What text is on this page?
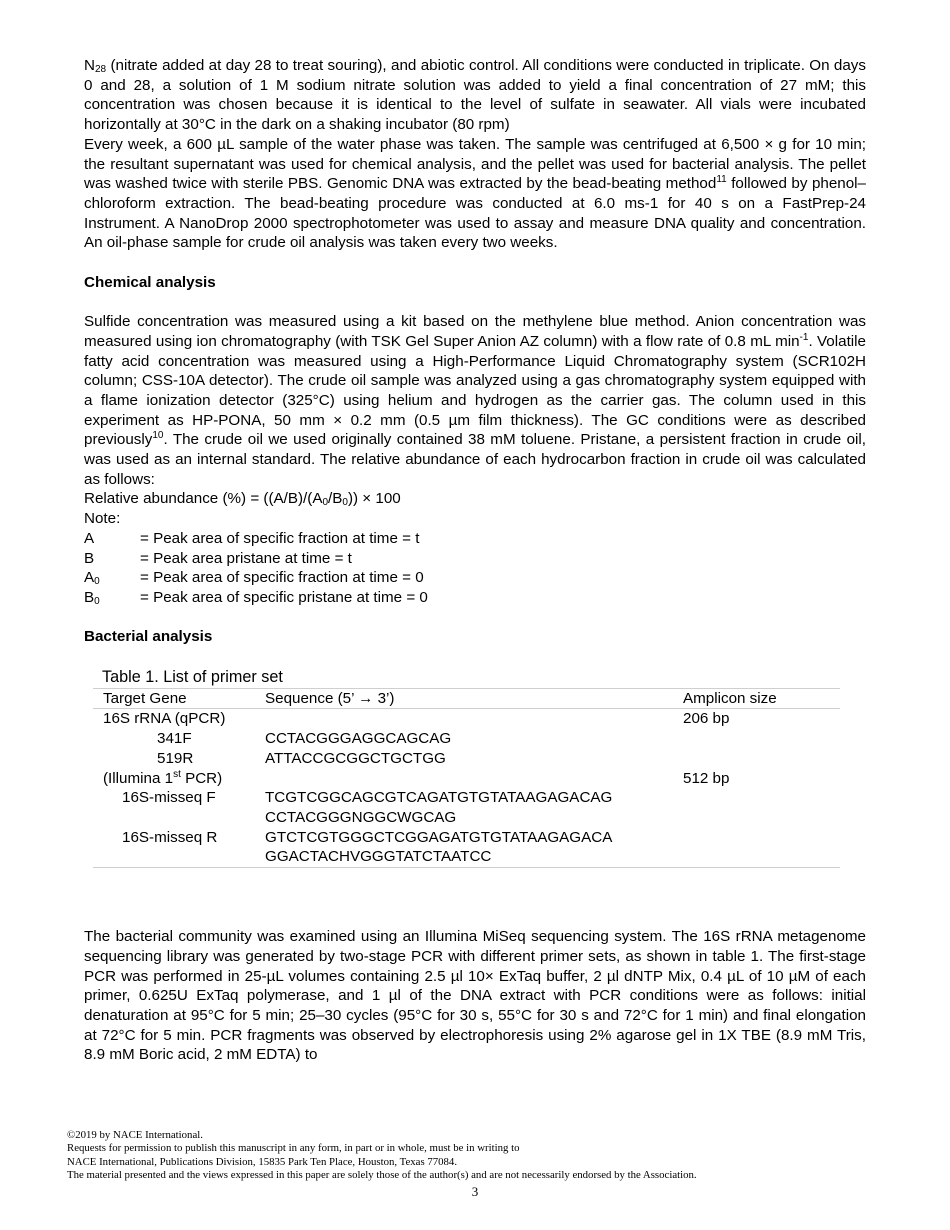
$N_{28}$ (nitrate added at day 28 to treat souring), and abiotic control. All conditions were conducted in triplicate. On days 0 and 28, a solution of 1 M sodium nitrate solution was added to yield a final concentration of 27 mM; this concentration was chosen because it is identical to the level of sulfate in seawater. All vials were incubated horizontally at 30°C in the dark on a shaking incubator (80 rpm)

Every week, a 600 µL sample of the water phase was taken. The sample was centrifuged at 6,500 × g for 10 min; the resultant supernatant was used for chemical analysis, and the pellet was used for bacterial analysis. The pellet was washed twice with sterile PBS. Genomic DNA was extracted by the bead-beating method$^{11}$ followed by phenol–chloroform extraction. The bead-beating procedure was conducted at 6.0 ms-1 for 40 s on a FastPrep-24 Instrument. A NanoDrop 2000 spectrophotometer was used to assay and measure DNA quality and concentration. An oil-phase sample for crude oil analysis was taken every two weeks.

Chemical analysis

Sulfide concentration was measured using a kit based on the methylene blue method. Anion concentration was measured using ion chromatography (with TSK Gel Super Anion AZ column) with a flow rate of 0.8 mL $\min^{-1}$. Volatile fatty acid concentration was measured using a High-Performance Liquid Chromatography system (SCR102H column; CSS-10A detector). The crude oil sample was analyzed using a gas chromatography system equipped with a flame ionization detector (325°C) using helium and hydrogen as the carrier gas. The column used in this experiment as HP-PONA, 50 mm × 0.2 mm (0.5 µm film thickness). The GC conditions were as described previously$^{10}$. The crude oil we used originally contained 38 mM toluene. Pristane, a persistent fraction in crude oil, was used as an internal standard. The relative abundance of each hydrocarbon fraction in crude oil was calculated as follows:

Relative abundance (%) = $((A/B)/(A_0/B_0)) \times 100$
Note:
A	= Peak area of specific fraction at time = t
B	= Peak area pristane at time = t
$A_0$	= Peak area of specific fraction at time = 0
$B_0$	= Peak area of specific pristane at time = 0
Bacterial analysis
Table 1. List of primer set
Target Gene	Sequence (5’ → 3’)	Amplicon size
16S rRNA (qPCR)		206 bp
341F	CCTACGGGAGGCAGCAG	
519R	ATTACCGCGGCTGCTGG	
(Illumina 1st PCR)		512 bp
16S-misseq F	TCGTCGGCAGCGTCAGATGTGTATAAGAGACAG
CCTACGGGNGGCWGCAG	

16S-misseq R	GTCTCGTGGGCTCGGAGATGTGTATAAGAGACA
GGACTACHVGGGTATCTAATCC	

The bacterial community was examined using an Illumina MiSeq sequencing system. The 16S rRNA metagenome sequencing library was generated by two-stage PCR with different primer sets, as shown in table 1. The first-stage PCR was performed in 25-µL volumes containing 2.5 µl 10× ExTaq buffer, 2 µl dNTP Mix, 0.4 µL of 10 µM of each primer, 0.625U ExTaq polymerase, and 1 µl of the DNA extract with PCR conditions were as follows: initial denaturation at 95°C for 5 min; 25–30 cycles (95°C for 30 s, 55°C for 30 s and 72°C for 1 min) and final elongation at 72°C for 5 min. PCR fragments was observed by electrophoresis using 2% agarose gel in 1X TBE (8.9 mM Tris, 8.9 mM Boric acid, 2 mM EDTA) to

©2019 by NACE International.
Requests for permission to publish this manuscript in any form, in part or in whole, must be in writing to
NACE International, Publications Division, 15835 Park Ten Place, Houston, Texas 77084.
The material presented and the views expressed in this paper are solely those of the author(s) and are not necessarily endorsed by the Association.
3
